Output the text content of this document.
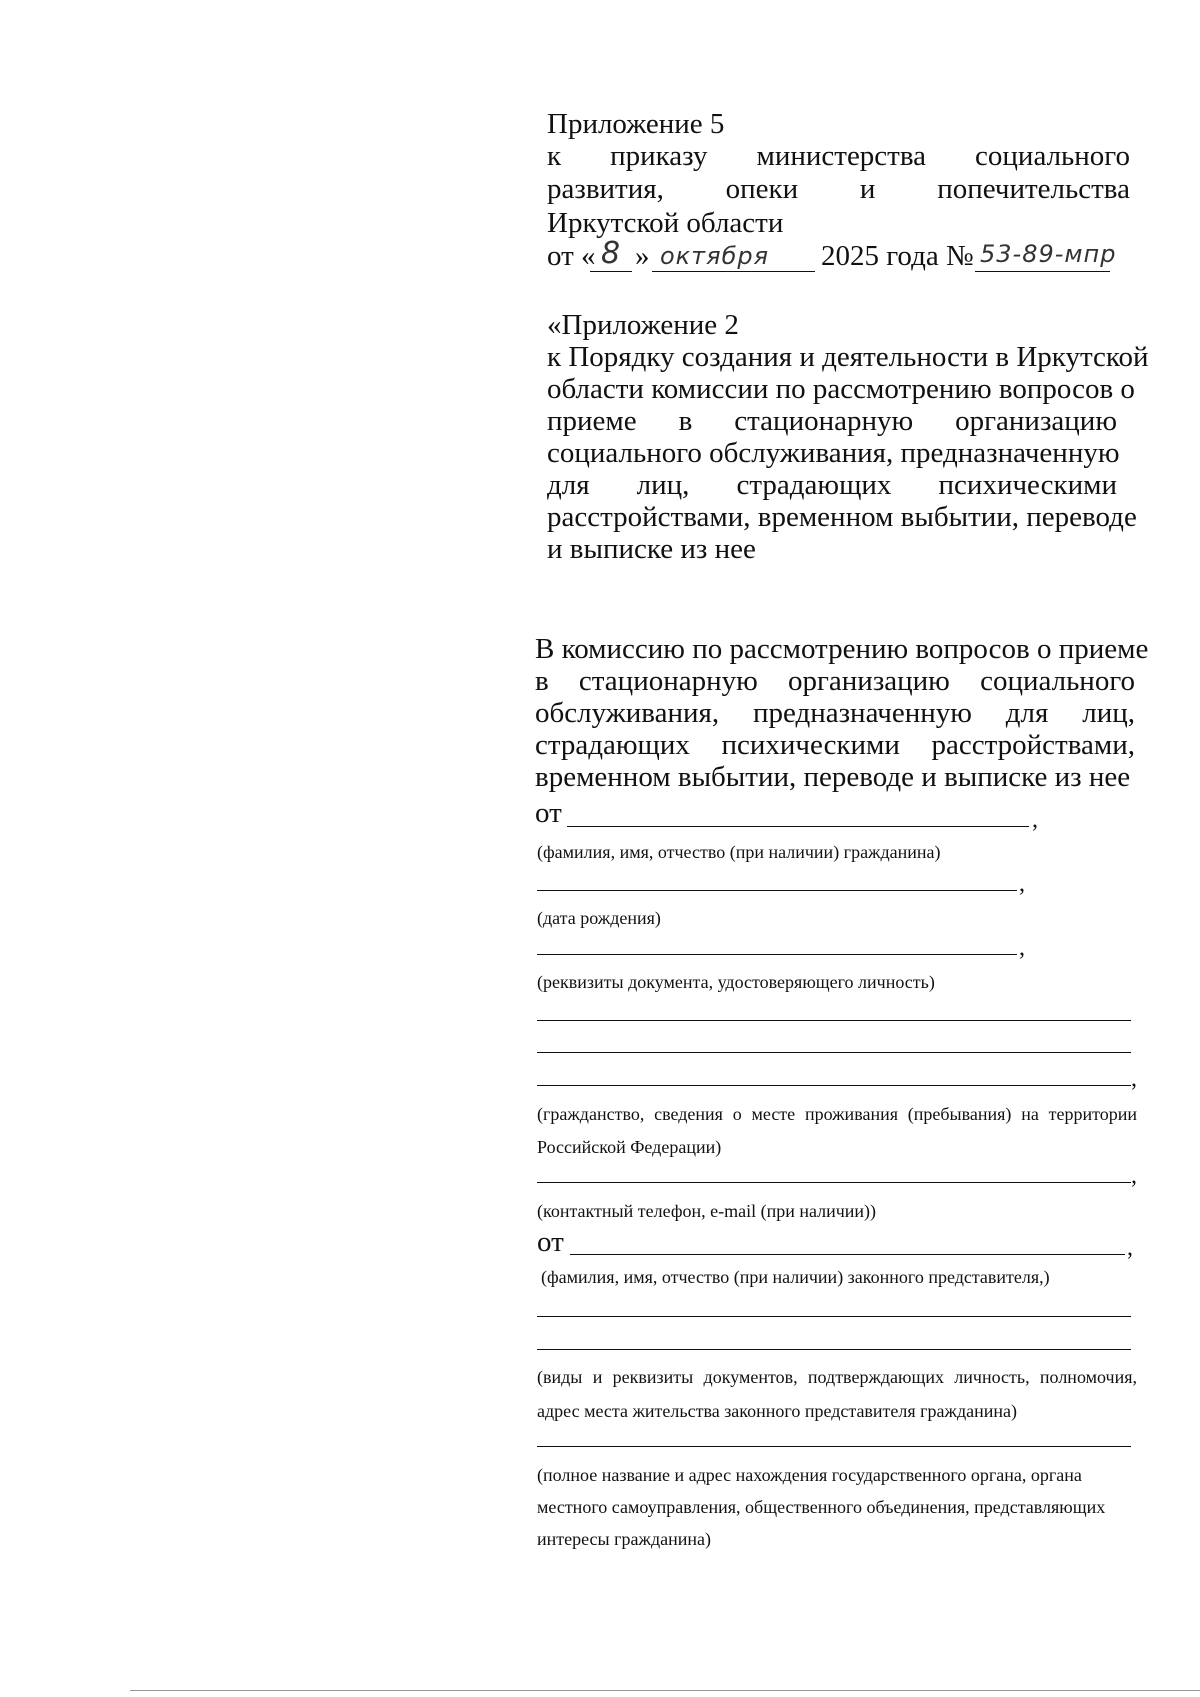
Приложение 5
к приказу министерства социального
развития, опеки и попечительства
Иркутской области
от « 8 » октября 2025 года № 53-89-мпр
«Приложение 2
к Порядку создания и деятельности в Иркутской
области комиссии по рассмотрению вопросов о
приеме в стационарную организацию
социального обслуживания, предназначенную
для лиц, страдающих психическими
расстройствами, временном выбытии, переводе
и выписке из нее
В комиссию по рассмотрению вопросов о приеме
в стационарную организацию социального
обслуживания, предназначенную для лиц,
страдающих психическими расстройствами,
временном выбытии, переводе и выписке из нее
от	,
(фамилия, имя, отчество (при наличии) гражданина)
,
(дата рождения)
,
(реквизиты документа, удостоверяющего личность)
,
(гражданство, сведения о месте проживания (пребывания) на территории
Российской Федерации)
,
(контактный телефон, e-mail (при наличии))
от	,
(фамилия, имя, отчество (при наличии) законного представителя,)
(виды и реквизиты документов, подтверждающих личность, полномочия,
адрес места жительства законного представителя гражданина)
(полное название и адрес нахождения государственного органа, органа
местного самоуправления, общественного объединения, представляющих
интересы гражданина)
